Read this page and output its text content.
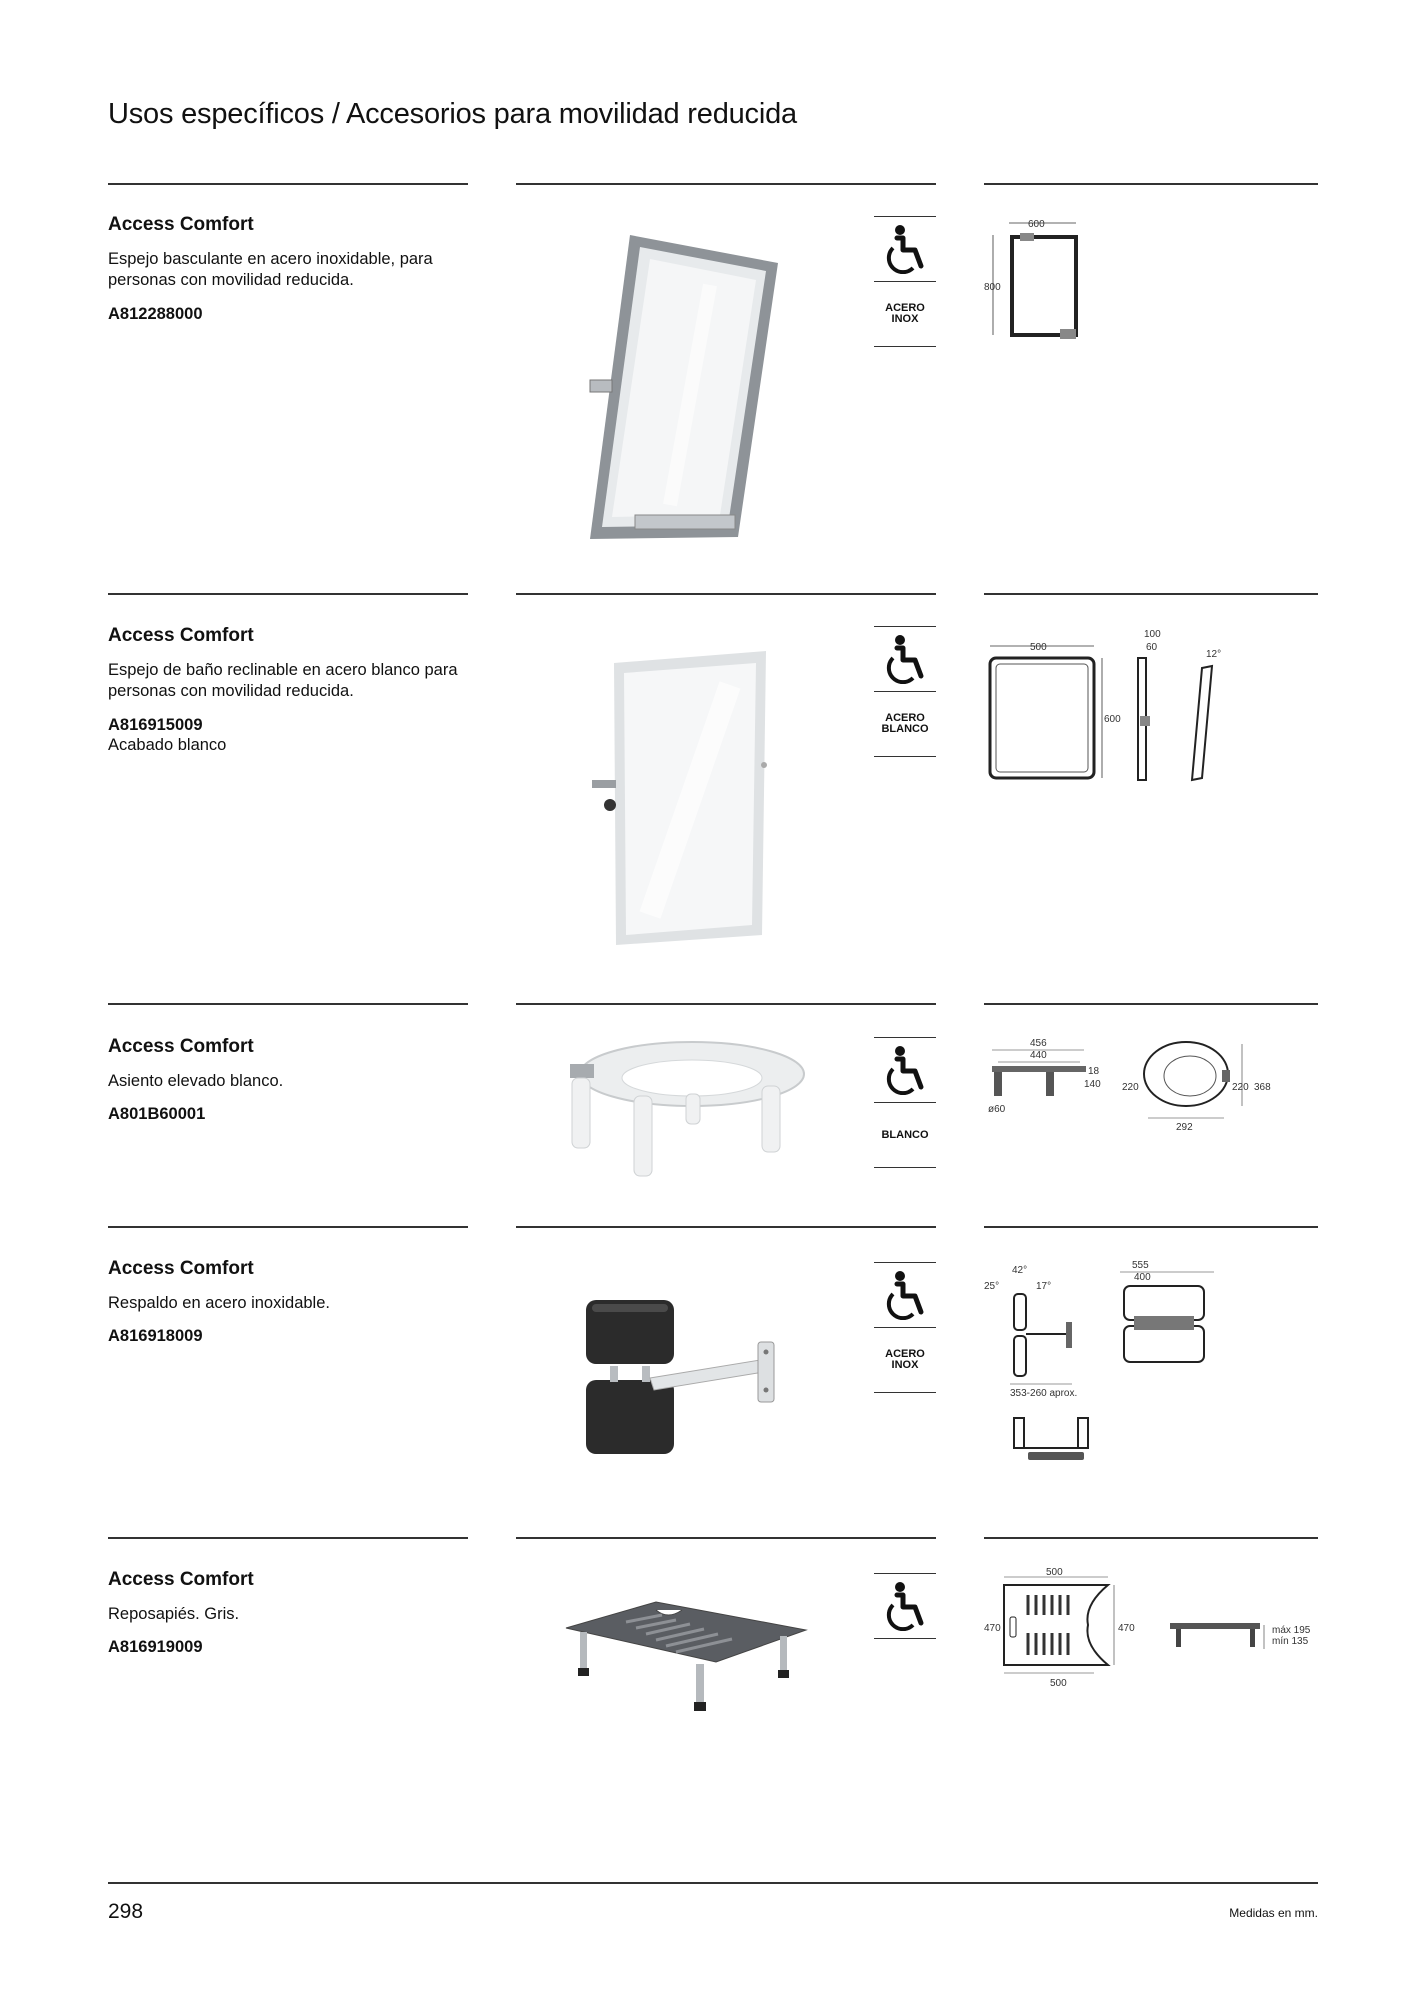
Usos específicos / Accesorios para movilidad reducida
Access Comfort
Espejo basculante en acero inoxidable, para personas con movilidad reducida.
A812288000	ACERO
INOX
600
800
Access Comfort
Espejo de baño reclinable en acero blanco para personas con movilidad reducida.
A816915009
Acabado blanco
ACERO
BLANCO
500
600
100
60
12°
Access Comfort
Asiento elevado blanco.
A801B60001
BLANCO
456
440
18
140
ø60
220	220 368
292
Access Comfort
Respaldo en acero inoxidable.
A816918009
ACERO
INOX
42°
25°	17°
353-260 aprox.
555
400
Access Comfort
Reposapiés. Gris.
A816919009
500
470	470
500
máx 195
mín 135
298	Medidas en mm.
